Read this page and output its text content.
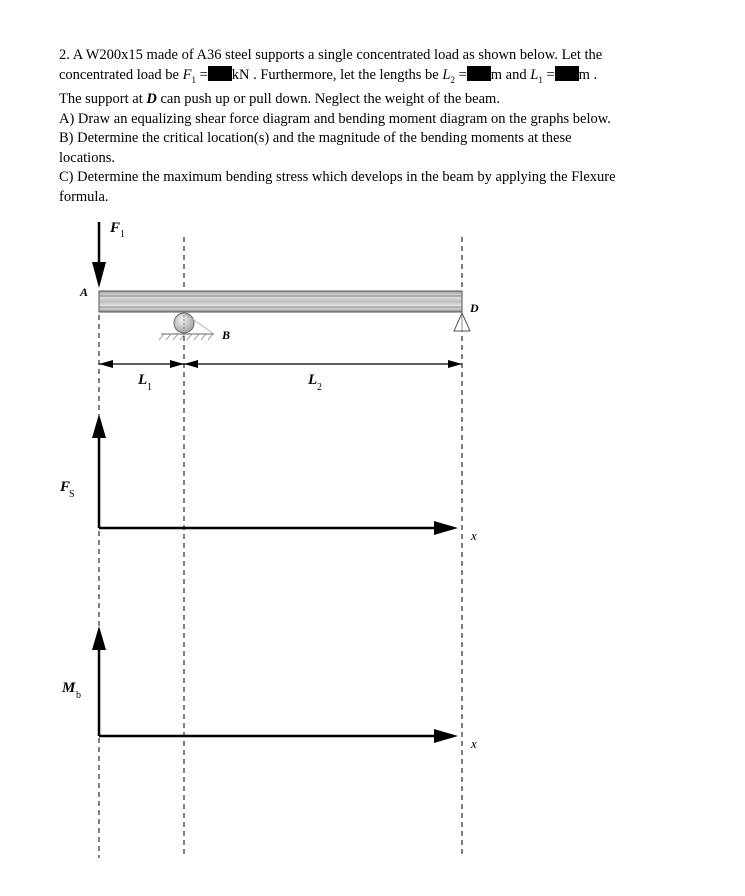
2. A W200x15 made of A36 steel supports a single concentrated load as shown below. Let the

concentrated load be $F_1$ = kN . Furthermore, let the lengths be $L_2 = m$ and $L_1 = m$ .

The support at D can push up or pull down. Neglect the weight of the beam.

A) Draw an equalizing shear force diagram and bending moment diagram on the graphs below.

B) Determine the critical location(s) and the magnitude of the bending moments at these

locations.

C) Determine the maximum bending stress which develops in the beam by applying the Flexure

formula.

F 1
A
B
D
L 1	L 2
F
S
x
M b
x
